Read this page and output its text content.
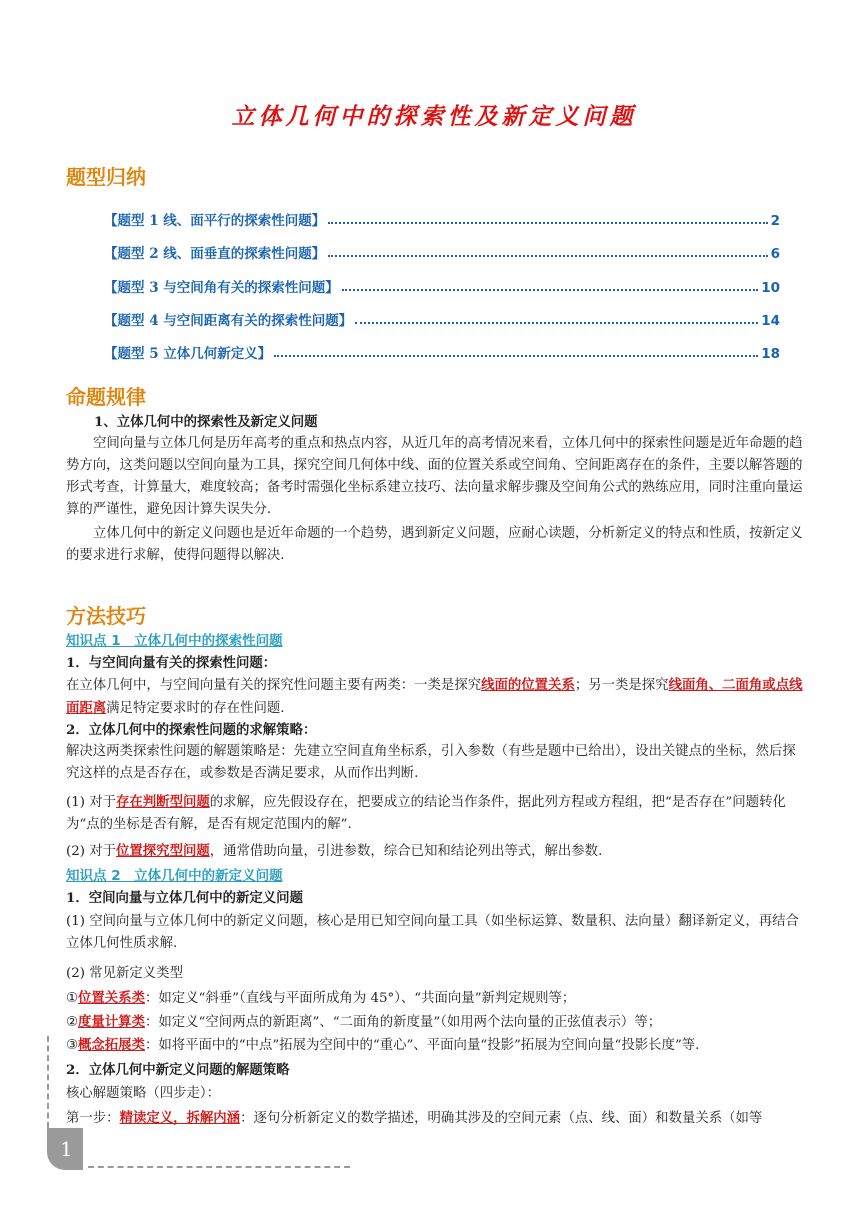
立体几何中的探索性及新定义问题
题型归纳
【题型 1 线、面平行的探索性问题】	2
【题型 2 线、面垂直的探索性问题】	6
【题型 3 与空间角有关的探索性问题】	10
【题型 4 与空间距离有关的探索性问题】	14
【题型 5 立体几何新定义】	18
命题规律
1、立体几何中的探索性及新定义问题
空间向量与立体几何是历年高考的重点和热点内容，从近几年的高考情况来看，立体几何中的探索性问题是近年命题的趋势方向，这类问题以空间向量为工具，探究空间几何体中线、面的位置关系或空间角、空间距离存在的条件，主要以解答题的形式考查，计算量大，难度较高；备考时需强化坐标系建立技巧、法向量求解步骤及空间角公式的熟练应用，同时注重向量运算的严谨性，避免因计算失误失分.
立体几何中的新定义问题也是近年命题的一个趋势，遇到新定义问题，应耐心读题，分析新定义的特点和性质，按新定义的要求进行求解，使得问题得以解决.
方法技巧
知识点 1　立体几何中的探索性问题
1．与空间向量有关的探索性问题：
在立体几何中，与空间向量有关的探究性问题主要有两类：一类是探究线面的位置关系；另一类是探究线面角、二面角或点线面距离满足特定要求时的存在性问题.
2．立体几何中的探索性问题的求解策略：
解决这两类探索性问题的解题策略是：先建立空间直角坐标系，引入参数（有些是题中已给出），设出关键点的坐标，然后探究这样的点是否存在，或参数是否满足要求，从而作出判断.
(1) 对于存在判断型问题的求解，应先假设存在，把要成立的结论当作条件，据此列方程或方程组，把“是否存在”问题转化为“点的坐标是否有解，是否有规定范围内的解”.
(2) 对于位置探究型问题，通常借助向量，引进参数，综合已知和结论列出等式，解出参数.
知识点 2　立体几何中的新定义问题
1．空间向量与立体几何中的新定义问题
(1) 空间向量与立体几何中的新定义问题，核心是用已知空间向量工具（如坐标运算、数量积、法向量）翻译新定义，再结合立体几何性质求解.
(2) 常见新定义类型
①位置关系类：如定义“斜垂”（直线与平面所成角为 45°）、“共面向量”新判定规则等；
②度量计算类：如定义“空间两点的新距离”、“二面角的新度量”（如用两个法向量的正弦值表示）等；
③概念拓展类：如将平面中的“中点”拓展为空间中的“重心”、平面向量“投影”拓展为空间向量“投影长度”等.
2．立体几何中新定义问题的解题策略
核心解题策略（四步走）：
第一步：精读定义，拆解内涵：逐句分析新定义的数学描述，明确其涉及的空间元素（点、线、面）和数量关系（如等
1
